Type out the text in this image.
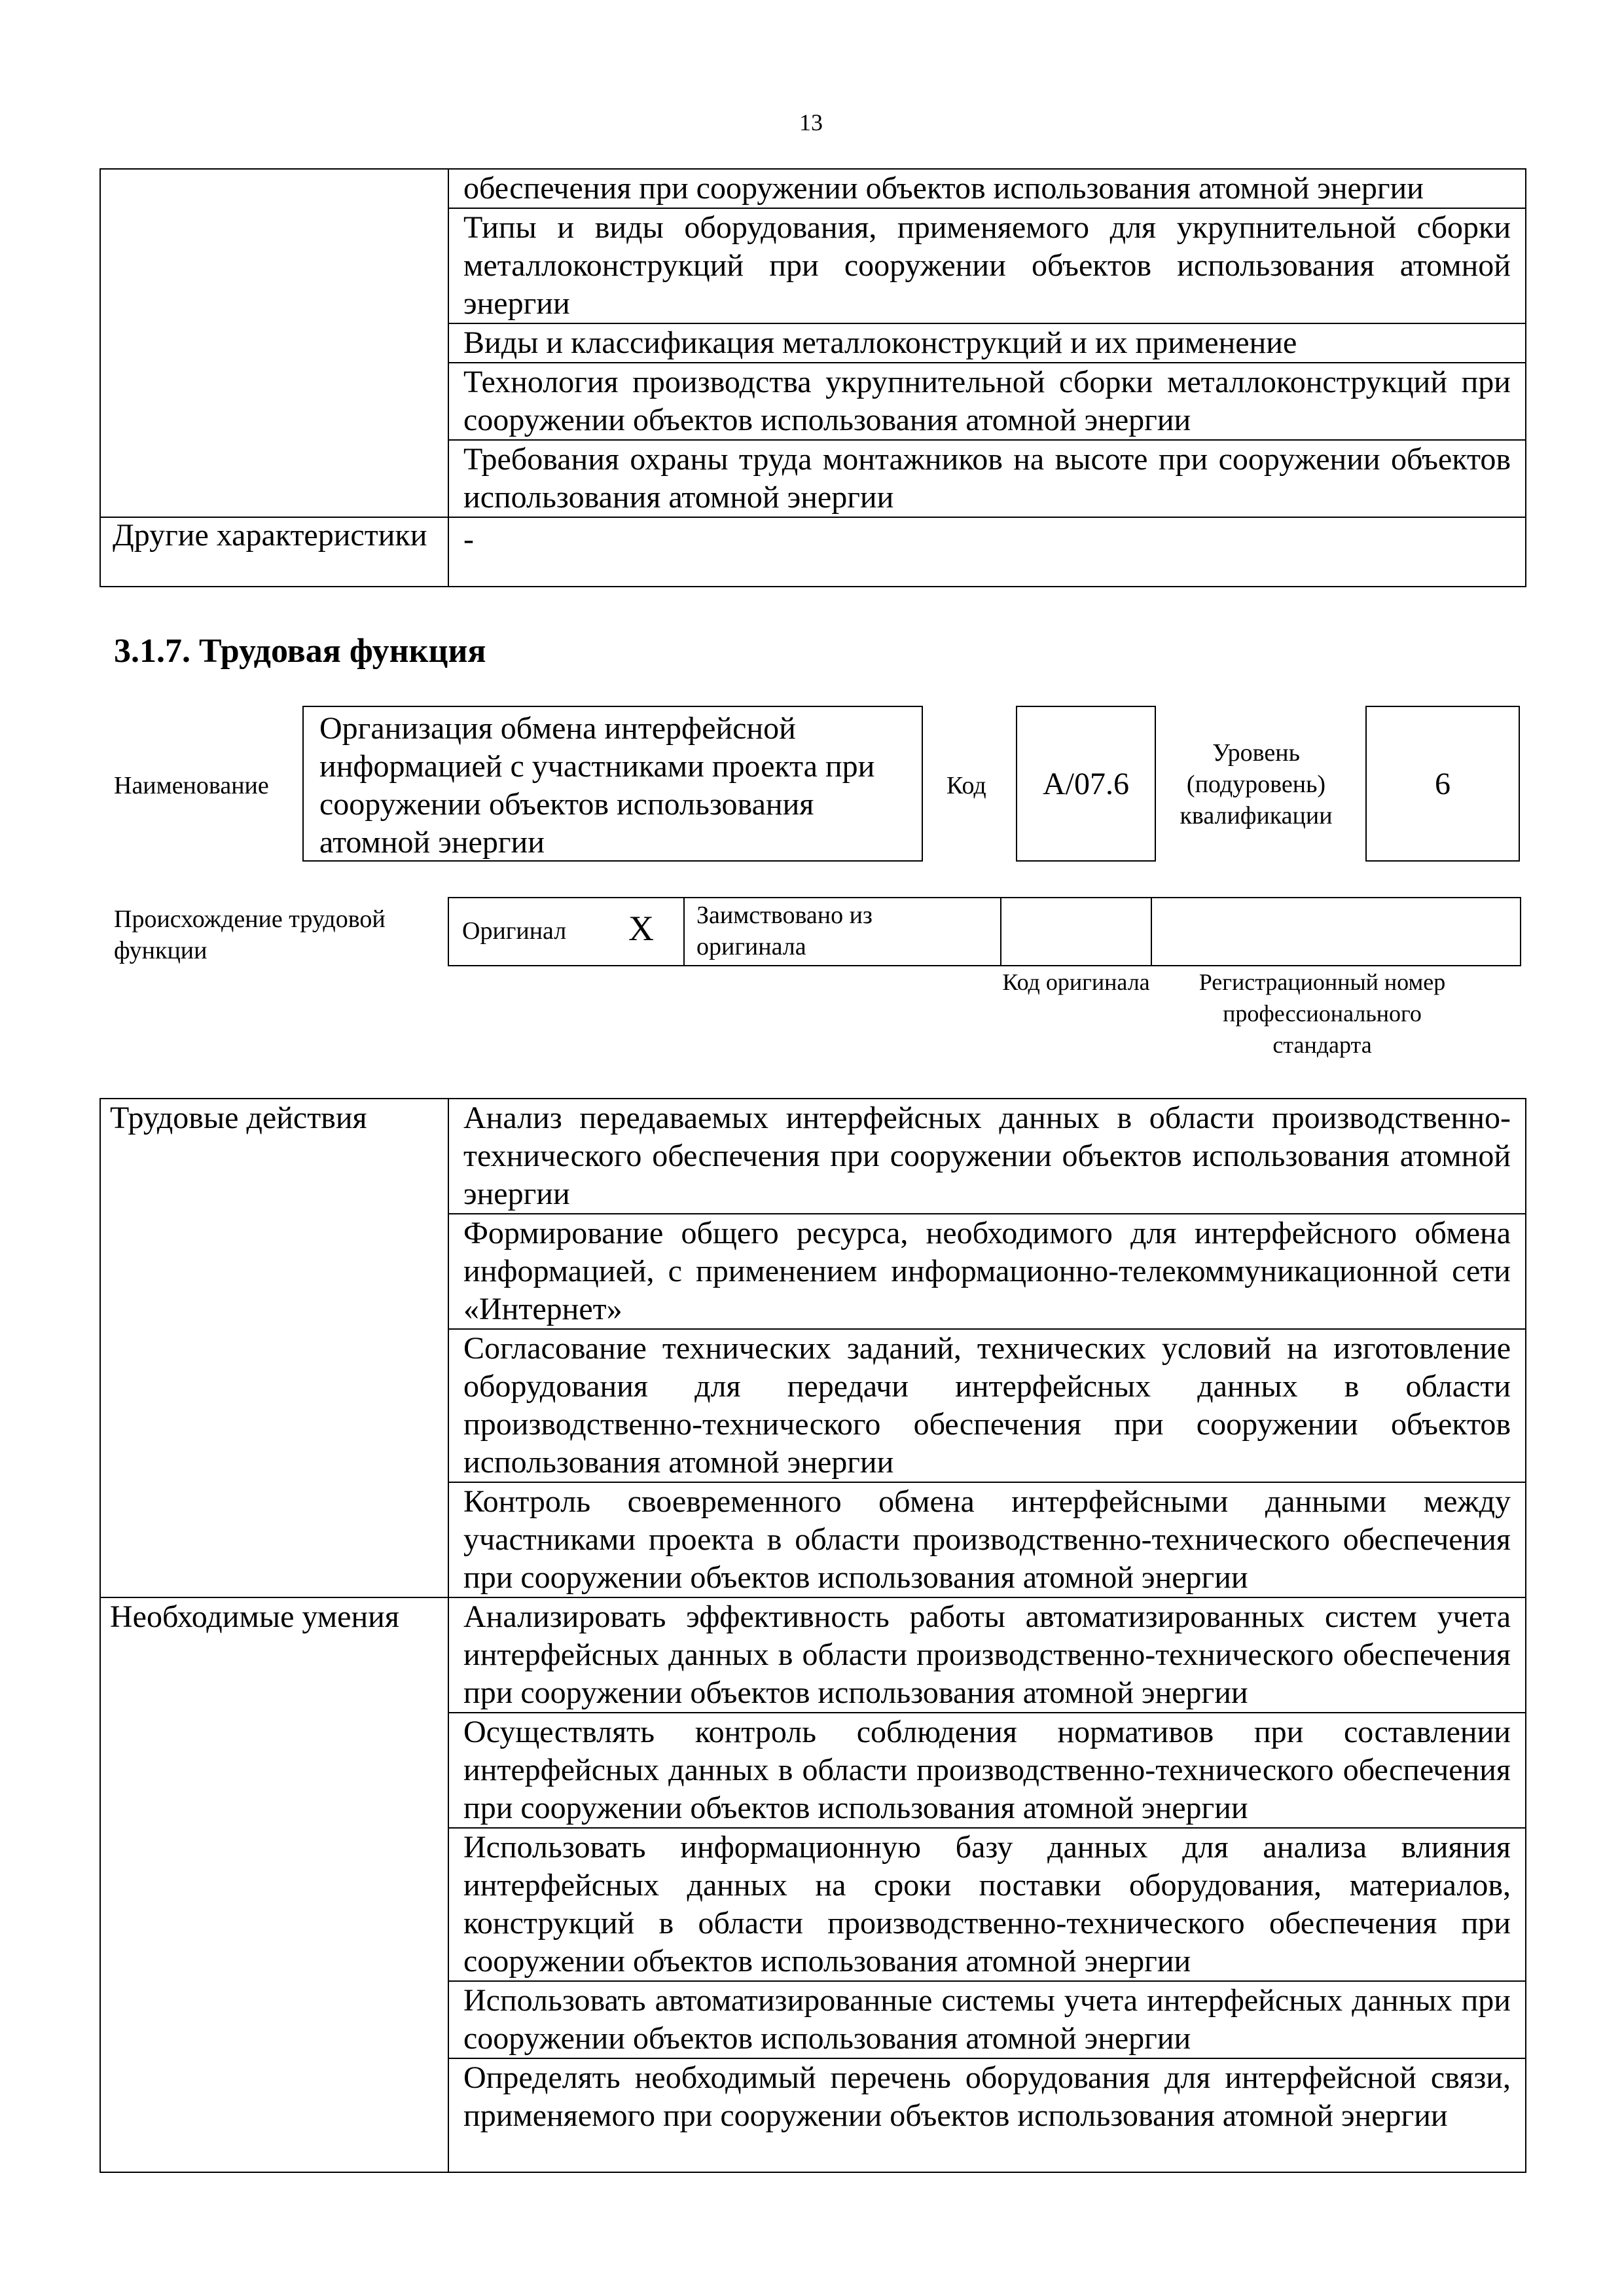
13
	обеспечения при сооружении объектов использования атомной энергии
	Типы и виды оборудования, применяемого для укрупнительной сборки металлоконструкций при сооружении объектов использования атомной энергии
	Виды и классификация металлоконструкций и их применение
	Технология производства укрупнительной сборки металлоконструкций при сооружении объектов использования атомной энергии
	Требования охраны труда монтажников на высоте при сооружении объектов использования атомной энергии
Другие характеристики	-
3.1.7. Трудовая функция
Наименование
Организация обмена интерфейсной информацией с участниками проекта при сооружении объектов использования атомной энергии
Код	A/07.6
Уровень (подуровень) квалификации
6
Происхождение трудовой функции
Оригинал X Заимствовано из оригинала
Код оригинала	Регистрационный номер профессионального стандарта
Трудовые действия	Анализ передаваемых интерфейсных данных в области производственно-технического обеспечения при сооружении объектов использования атомной энергии
	Формирование общего ресурса, необходимого для интерфейсного обмена информацией, с применением информационно-телекоммуникационной сети «Интернет»
	Согласование технических заданий, технических условий на изготовление оборудования для передачи интерфейсных данных в области производственно-технического обеспечения при сооружении объектов использования атомной энергии
	Контроль своевременного обмена интерфейсными данными между участниками проекта в области производственно-технического обеспечения при сооружении объектов использования атомной энергии
Необходимые умения	Анализировать эффективность работы автоматизированных систем учета интерфейсных данных в области производственно-технического обеспечения при сооружении объектов использования атомной энергии
	Осуществлять контроль соблюдения нормативов при составлении интерфейсных данных в области производственно-технического обеспечения при сооружении объектов использования атомной энергии
	Использовать информационную базу данных для анализа влияния интерфейсных данных на сроки поставки оборудования, материалов, конструкций в области производственно-технического обеспечения при сооружении объектов использования атомной энергии
	Использовать автоматизированные системы учета интерфейсных данных при сооружении объектов использования атомной энергии
	Определять необходимый перечень оборудования для интерфейсной связи, применяемого при сооружении объектов использования атомной энергии
